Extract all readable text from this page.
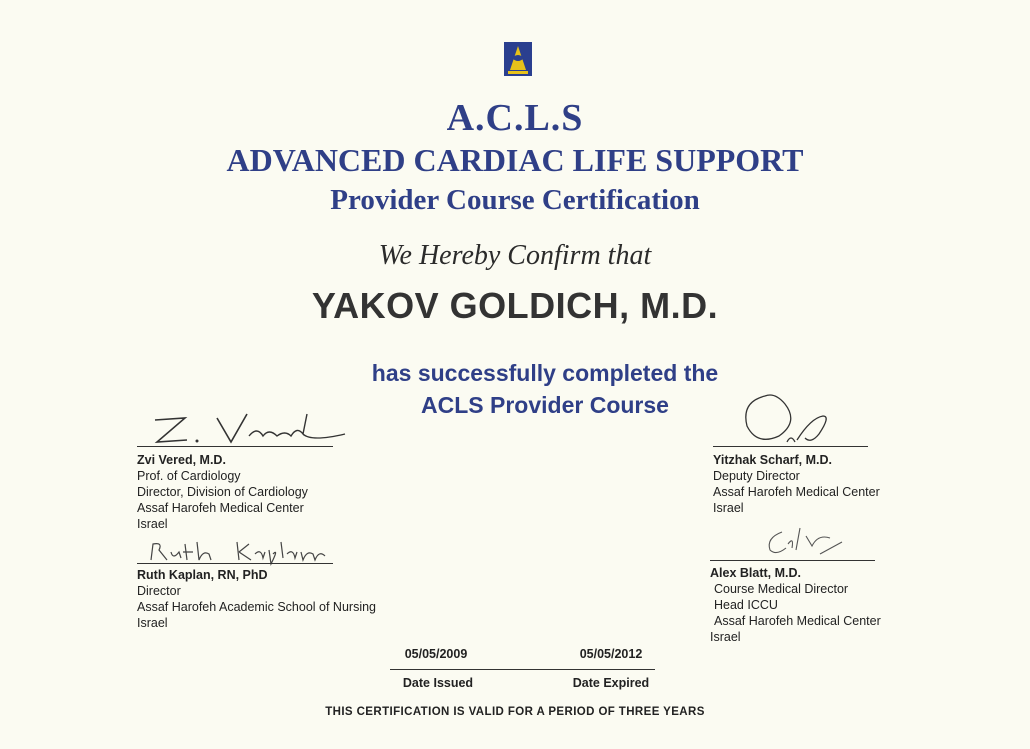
A.C.L.S
ADVANCED CARDIAC LIFE SUPPORT
Provider Course Certification
We Hereby Confirm that
YAKOV GOLDICH, M.D.
has successfully completed the
ACLS Provider Course
Zvi Vered, M.D.
Prof. of Cardiology
Director, Division of Cardiology
Assaf Harofeh Medical Center
Israel
Ruth Kaplan, RN, PhD
Director
Assaf Harofeh Academic School of Nursing
Israel
Yitzhak Scharf, M.D.
Deputy Director
Assaf Harofeh Medical Center
Israel
Alex Blatt, M.D.
Course Medical Director
Head ICCU
Assaf Harofeh Medical Center
Israel
05/05/2009	05/05/2012
Date Issued	Date Expired
THIS CERTIFICATION IS VALID FOR A PERIOD OF THREE YEARS
